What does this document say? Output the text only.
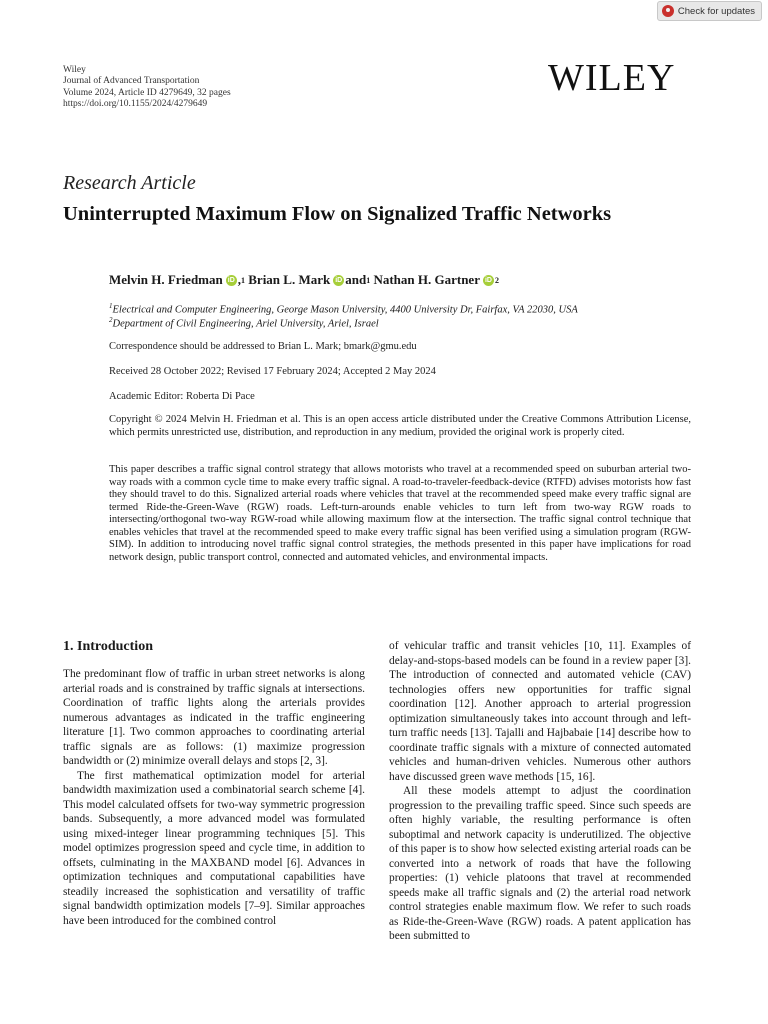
Check for updates
Wiley
Journal of Advanced Transportation
Volume 2024, Article ID 4279649, 32 pages
https://doi.org/10.1155/2024/4279649
WILEY
Research Article
Uninterrupted Maximum Flow on Signalized Traffic Networks
Melvin H. Friedman iD , 1
Brian L. Mark iD and 1
Nathan H. Gartner iD 2
$^1$Electrical and Computer Engineering, George Mason University, 4400 University Dr, Fairfax, VA 22030, USA
$^2$Department of Civil Engineering, Ariel University, Ariel, Israel
Correspondence should be addressed to Brian L. Mark; bmark@gmu.edu
Received 28 October 2022; Revised 17 February 2024; Accepted 2 May 2024
Academic Editor: Roberta Di Pace
Copyright © 2024 Melvin H. Friedman et al. This is an open access article distributed under the Creative Commons Attribution License, which permits unrestricted use, distribution, and reproduction in any medium, provided the original work is properly cited.
This paper describes a traffic signal control strategy that allows motorists who travel at a recommended speed on suburban arterial two-way roads with a common cycle time to make every traffic signal. A road-to-traveler-feedback-device (RTFD) advises motorists how fast they should travel to do this. Signalized arterial roads where vehicles that travel at the recommended speed make every traffic signal are termed Ride-the-Green-Wave (RGW) roads. Left-turn-arounds enable vehicles to turn left from two-way RGW roads to intersecting/orthogonal two-way RGW-road while allowing maximum flow at the intersection. The traffic signal control technique that enables vehicles that travel at the recommended speed to make every traffic signal has been verified using a simulation program (RGW-SIM). In addition to introducing novel traffic signal control strategies, the methods presented in this paper have implications for road network design, public transport control, connected and automated vehicles, and environmental impacts.
1. Introduction

The predominant flow of traffic in urban street networks is along arterial roads and is constrained by traffic signals at intersections. Coordination of traffic lights along the arterials provides numerous advantages as indicated in the traffic engineering literature [1]. Two common approaches to coordinating arterial traffic signals are as follows: (1) maximize progression bandwidth or (2) minimize overall delays and stops [2, 3].

The first mathematical optimization model for arterial bandwidth maximization used a combinatorial search scheme [4]. This model calculated offsets for two-way symmetric progression bands. Subsequently, a more advanced model was formulated using mixed-integer linear programming techniques [5]. This model optimizes progression speed and cycle time, in addition to offsets, culminating in the MAXBAND model [6]. Advances in optimization techniques and computational capabilities have steadily increased the sophistication and versatility of traffic signal bandwidth optimization models [7–9]. Similar approaches have been introduced for the combined control

of vehicular traffic and transit vehicles [10, 11]. Examples of delay-and-stops-based models can be found in a review paper [3]. The introduction of connected and automated vehicle (CAV) technologies offers new opportunities for traffic signal coordination [12]. Another approach to arterial progression optimization simultaneously takes into account through and left-turn traffic needs [13]. Tajalli and Hajbabaie [14] describe how to coordinate traffic signals with a mixture of connected automated vehicles and human-driven vehicles. Numerous other authors have discussed green wave methods [15, 16].

All these models attempt to adjust the coordination progression to the prevailing traffic speed. Since such speeds are often highly variable, the resulting performance is often suboptimal and network capacity is underutilized. The objective of this paper is to show how selected existing arterial roads can be converted into a network of roads that have the following properties: (1) vehicle platoons that travel at recommended speeds make all traffic signals and (2) the arterial road network control strategies enable maximum flow. We refer to such roads as Ride-the-Green-Wave (RGW) roads. A patent application has been submitted to
